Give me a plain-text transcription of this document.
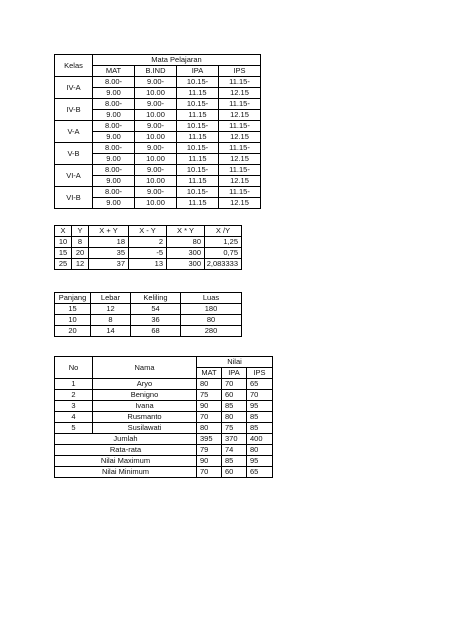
Kelas	Mata Pelajaran			
	MAT	B.IND	IPA	IPS
IV-A	8.00-	9.00-	10.15-	11.15-
	9.00	10.00	11.15	12.15
IV-B	8.00-	9.00-	10.15-	11.15-
	9.00	10.00	11.15	12.15
V-A	8.00-	9.00-	10.15-	11.15-
	9.00	10.00	11.15	12.15
V-B	8.00-	9.00-	10.15-	11.15-
	9.00	10.00	11.15	12.15
VI-A	8.00-	9.00-	10.15-	11.15-
	9.00	10.00	11.15	12.15
VI-B	8.00-	9.00-	10.15-	11.15-
	9.00	10.00	11.15	12.15
X	Y	X + Y	X - Y	X * Y	X /Y
10	8	18	2	80	1,25
15	20	35	-5	300	0,75
25	12	37	13	300	2,083333
Panjang	Lebar	Keliling	Luas
15	12	54	180
10	8	36	80
20	14	68	280
No	Nama	Nilai		
		MAT	IPA	IPS
1	Aryo	80	70	65
2	Benigno	75	60	70
3	Ivana	90	85	95
4	Rusmanto	70	80	85
5	Susilawati	80	75	85
Jumlah		395	370	400
Rata-rata		79	74	80
Nilai Maximum		90	85	95
Nilai Minimum		70	60	65
